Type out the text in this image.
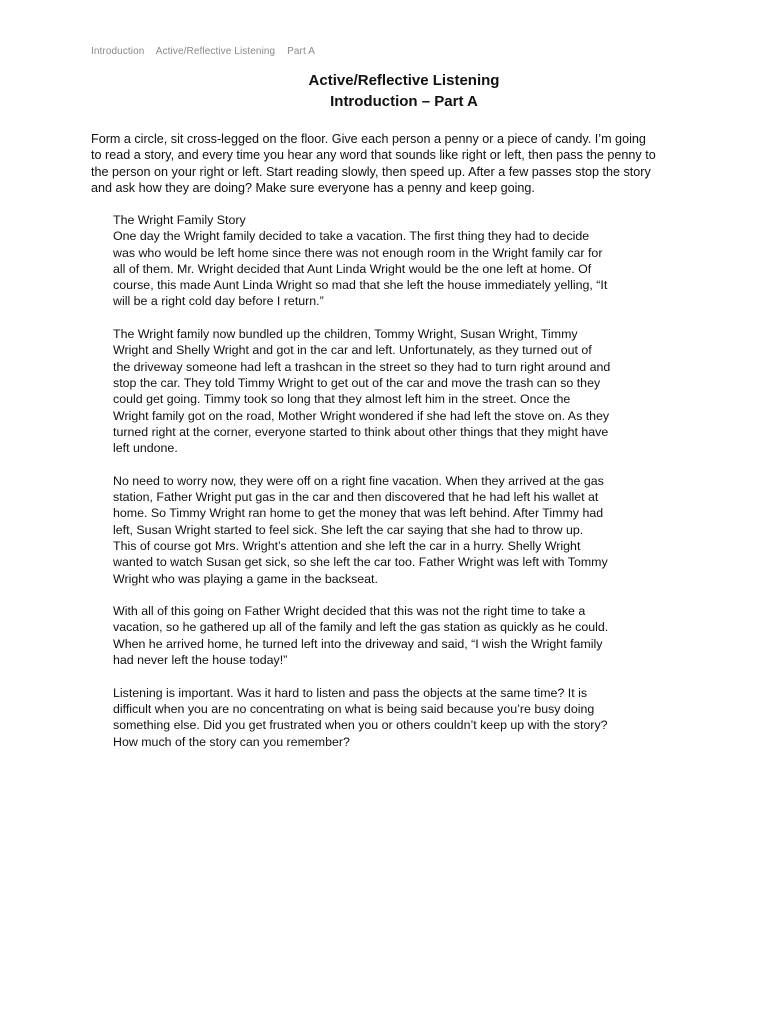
Introduction Active/Reflective Listening Part A
Active/Reflective Listening
Introduction – Part A
Form a circle, sit cross-legged on the floor. Give each person a penny or a piece of candy. I’m going
to read a story, and every time you hear any word that sounds like right or left, then pass the penny to
the person on your right or left. Start reading slowly, then speed up. After a few passes stop the story
and ask how they are doing? Make sure everyone has a penny and keep going.

The Wright Family Story

One day the Wright family decided to take a vacation. The first thing they had to decide
was who would be left home since there was not enough room in the Wright family car for
all of them. Mr. Wright decided that Aunt Linda Wright would be the one left at home. Of
course, this made Aunt Linda Wright so mad that she left the house immediately yelling, “It
will be a right cold day before I return.”

The Wright family now bundled up the children, Tommy Wright, Susan Wright, Timmy
Wright and Shelly Wright and got in the car and left. Unfortunately, as they turned out of
the driveway someone had left a trashcan in the street so they had to turn right around and
stop the car. They told Timmy Wright to get out of the car and move the trash can so they
could get going. Timmy took so long that they almost left him in the street. Once the
Wright family got on the road, Mother Wright wondered if she had left the stove on. As they
turned right at the corner, everyone started to think about other things that they might have
left undone.

No need to worry now, they were off on a right fine vacation. When they arrived at the gas
station, Father Wright put gas in the car and then discovered that he had left his wallet at
home. So Timmy Wright ran home to get the money that was left behind. After Timmy had
left, Susan Wright started to feel sick. She left the car saying that she had to throw up.
This of course got Mrs. Wright’s attention and she left the car in a hurry. Shelly Wright
wanted to watch Susan get sick, so she left the car too. Father Wright was left with Tommy
Wright who was playing a game in the backseat.

With all of this going on Father Wright decided that this was not the right time to take a
vacation, so he gathered up all of the family and left the gas station as quickly as he could.
When he arrived home, he turned left into the driveway and said, “I wish the Wright family
had never left the house today!”

Listening is important. Was it hard to listen and pass the objects at the same time? It is
difficult when you are no concentrating on what is being said because you’re busy doing
something else. Did you get frustrated when you or others couldn’t keep up with the story?
How much of the story can you remember?
